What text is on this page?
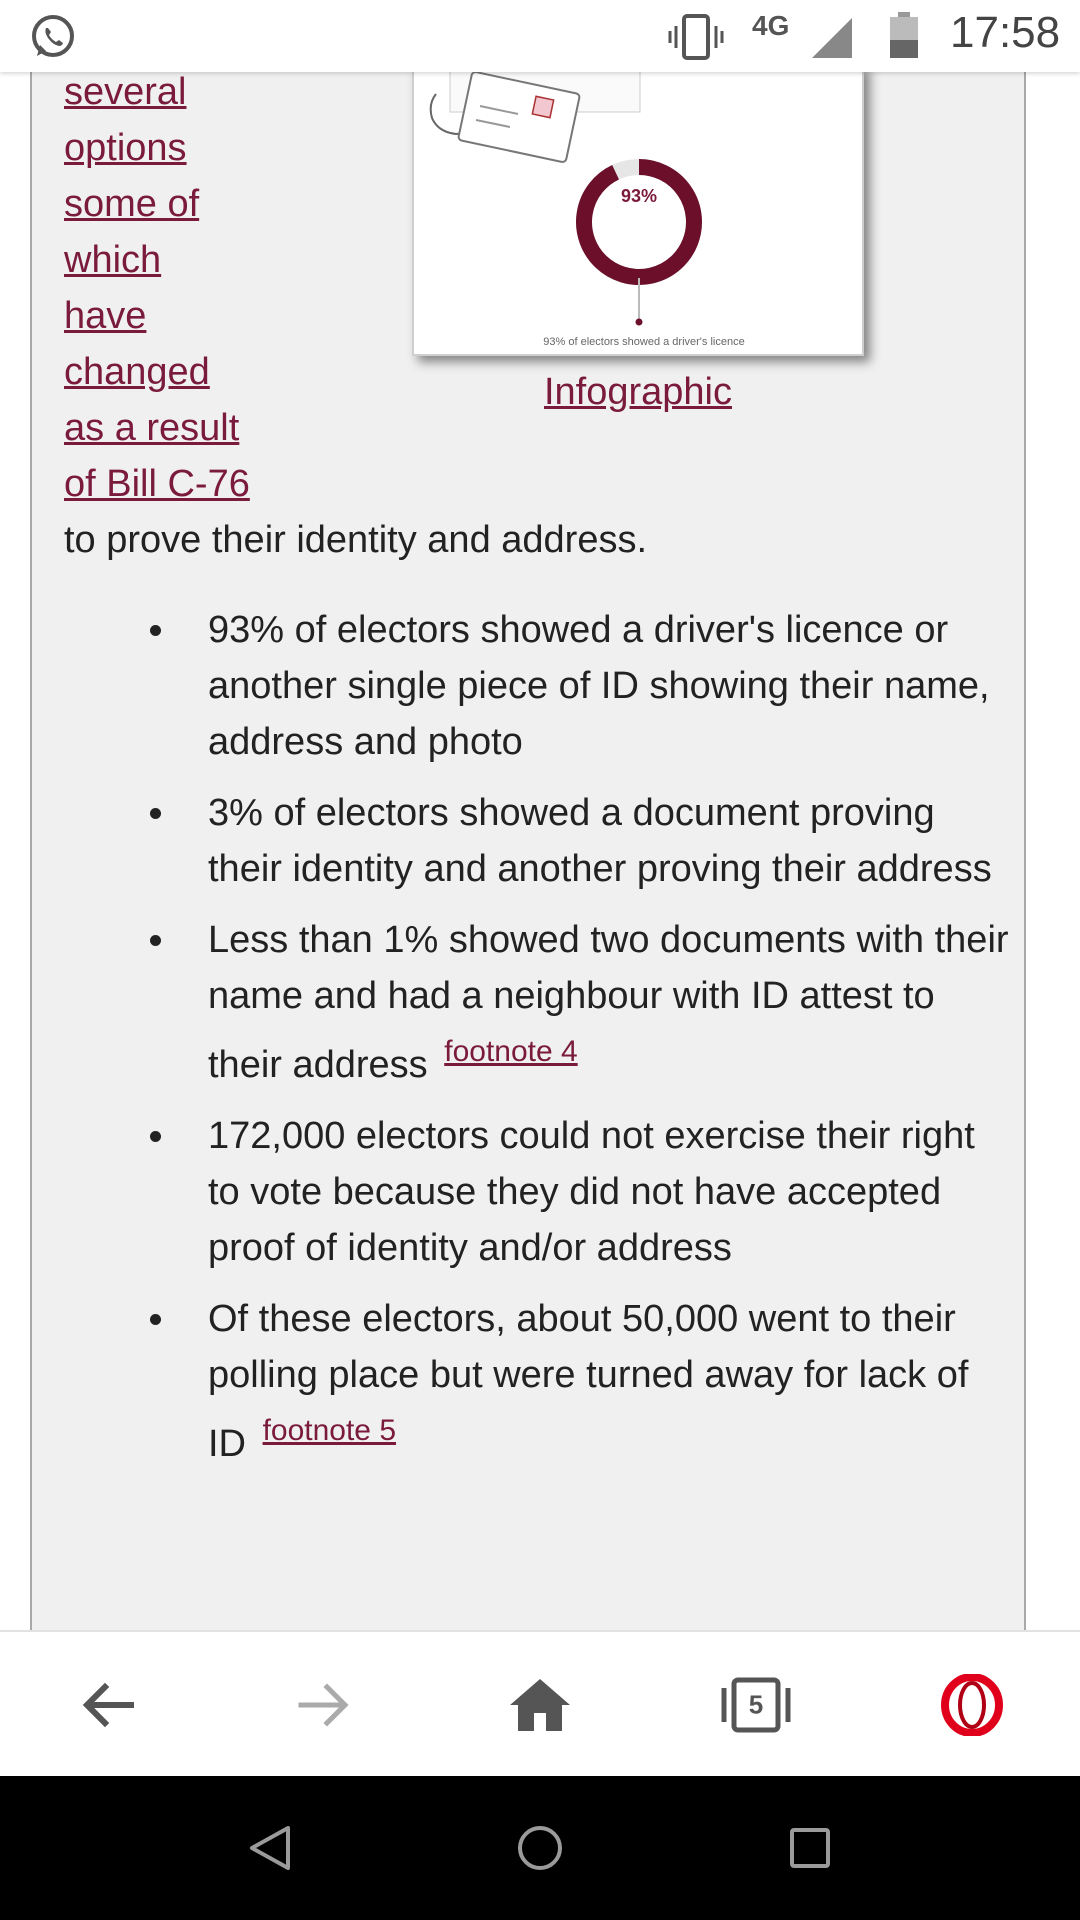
4G	17:58
several
options
some of
which
have
changed
as a result
of Bill C-76
93%
93% of electors showed a driver's licence
Infographic
to prove their identity and address.
93% of electors showed a driver's licence or another single piece of ID showing their name, address and photo
3% of electors showed a document proving their identity and another proving their address
Less than 1% showed two documents with their name and had a neighbour with ID attest to their address $^{footnote 4}$
172,000 electors could not exercise their right to vote because they did not have accepted proof of identity and/or address
Of these electors, about 50,000 went to their polling place but were turned away for lack of ID $^{footnote 5}$
5
